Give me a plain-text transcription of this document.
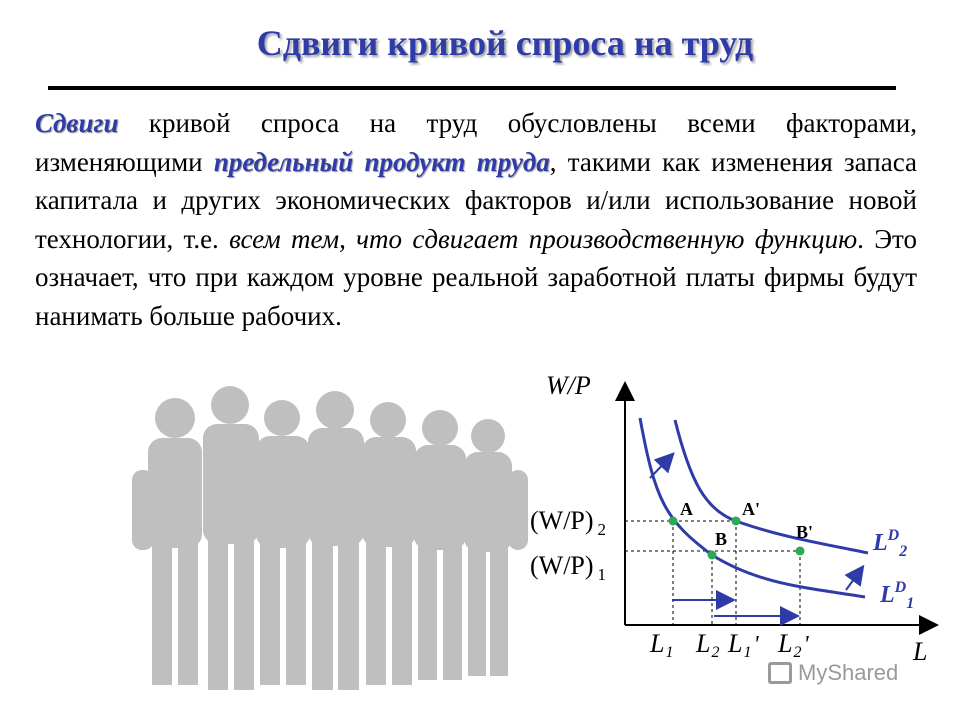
Сдвиги кривой спроса на труд
Сдвиги кривой спроса на труд обусловлены всеми факторами, изменяющими предельный продукт труда, такими как изменения запаса капитала и других экономических факторов и/или использование новой технологии, т.е. всем тем, что сдвигает производственную функцию. Это означает, что при каждом уровне реальной заработной платы фирмы будут нанимать больше рабочих.
A	A'
B	B'
W/P
L
(W/P) $_2$
(W/P) $_1$
$L^D_2$
$L^D_1$
L1 L2 L1' L2'
MyShared
